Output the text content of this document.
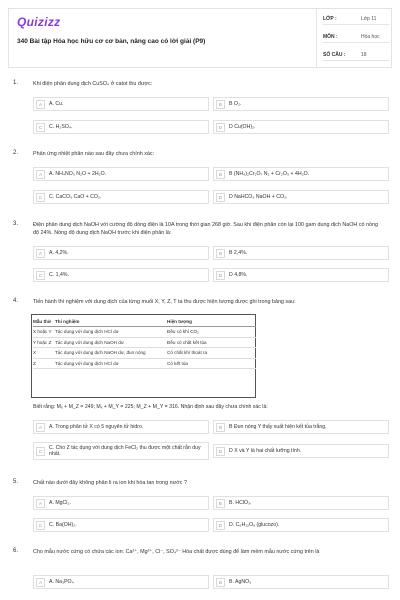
Quizizz
340 Bài tập Hóa học hữu cơ cơ bản, nâng cao có lời giải (P9)
LỚP :	Lớp 11
MÔN :	Hóa học
SỐ CÂU :	18
1.	Khi điện phân dung dịch CuSO₄ ở catot thu được:
A	A. Cu.	B	B O₂.
C	C. H₂SO₄.	D	D Cu(OH)₂.
2.	Phản ứng nhiệt phân nào sau đây chưa chính xác:
A	A. NH₄NO₃ N₂O + 2H₂O.	B	B (NH₄)₂Cr₂O₇ N₂ + Cr₂O₃ + 4H₂O.
C	C. CaCO₃ CaO + CO₂.	D	D NaHCO₃ NaOH + CO₂.
3.	Điện phân dung dịch NaOH với cường độ dòng điện là 10A trong thời gian 268 giờ. Sau khi điện phân còn lại 100 gam dung dịch NaOH có nồng độ 24%. Nồng độ dung dịch NaOH trước khi điện phân là:
A	A. 4,2%.	B	B 2,4%.
C	C. 1,4%.	D	D 4,8%.
4.	Tiến hành thí nghiệm với dung dịch của từng muối X, Y, Z, T ta thu được hiện tượng được ghi trong bảng sau:
Mẫu thử	Thí nghiệm	Hiện tượng
X hoặc Y	Tác dụng với dung dịch HCl dư	Đều có khí CO₂
Y hoặc Z	Tác dụng với dung dịch NaOH dư	Đều có chất kết tủa
X	Tác dụng với dung dịch NaOH dư, đun nóng	Có chất khí thoát ra
Z	Tác dụng với dung dịch HCl dư	Có kết tủa
Biết rằng: Mₓ + M_Z = 249; Mₓ + M_Y = 225; M_Z + M_Y = 316. Nhận định sau đây chưa chính xác là:
A	A. Trong phân tử X có 5 nguyên tử hidro.	B	B Đun nóng Y thấy xuất hiện kết tủa trắng.
C
C. Cho Z tác dụng với dung dịch FeCl₂ thu được một chất rắn duy nhất.	D	D X và Y là hai chất lưỡng tính.
5.	Chất nào dưới đây không phân li ra ion khi hòa tan trong nước ?
A	A. MgCl₂.	B	B. HClO₃.
C	C. Ba(OH)₂.	D	D. C₆H₁₂O₆ (glucozo).
6.	Cho mẫu nước cứng có chứa các ion: Ca²⁺, Mg²⁺, Cl⁻, SO₄²⁻ Hóa chất được dùng để làm mềm mẫu nước cứng trên là
A	A. Na₃PO₄	B	B. AgNO₃
